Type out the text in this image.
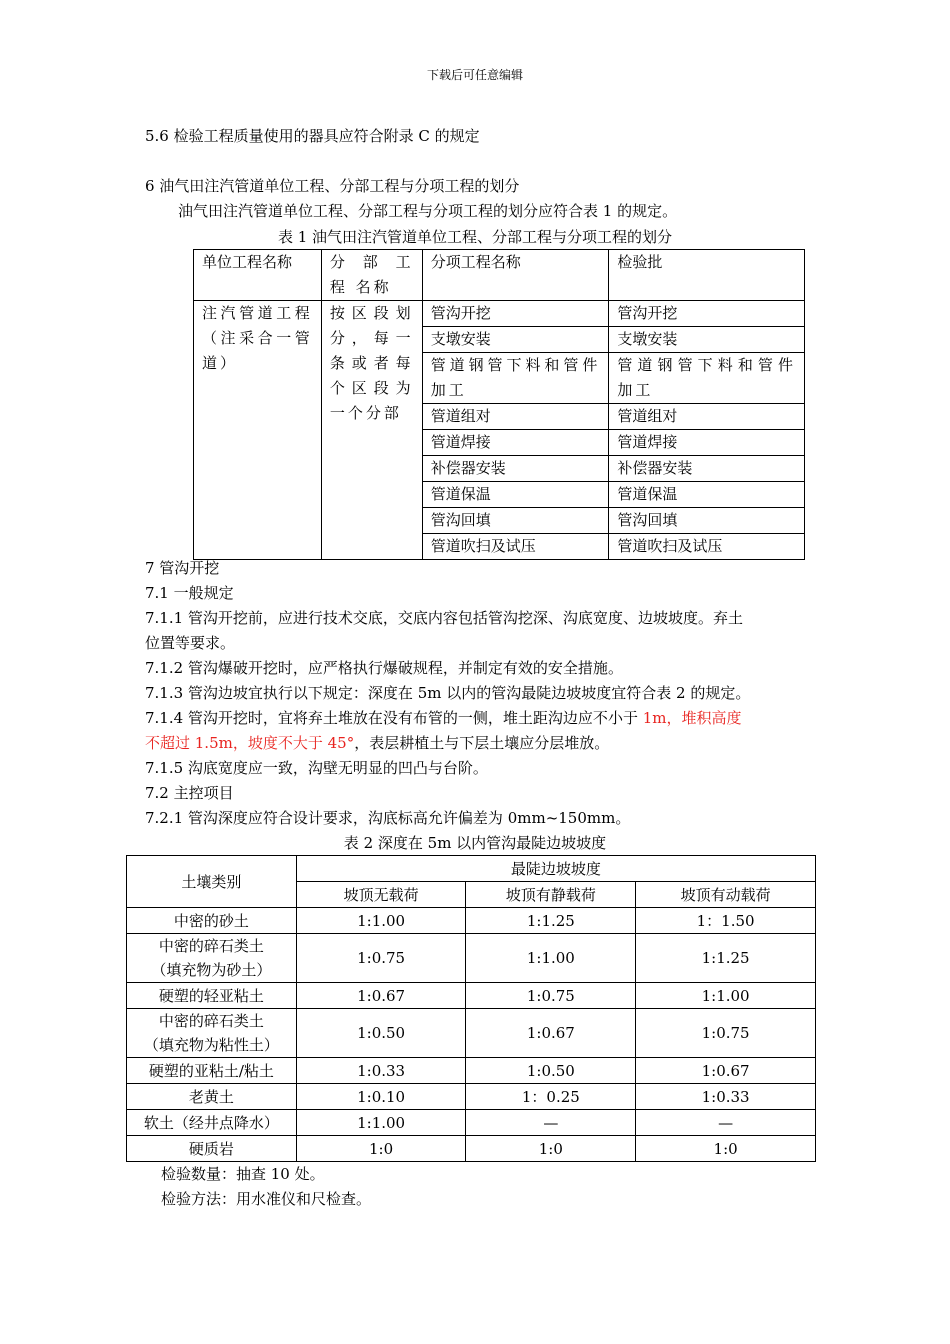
下载后可任意编辑
5.6 检验工程质量使用的器具应符合附录 C 的规定
6 油气田注汽管道单位工程、分部工程与分项工程的划分
油气田注汽管道单位工程、分部工程与分项工程的划分应符合表 1 的规定。
表 1 油气田注汽管道单位工程、分部工程与分项工程的划分
单位工程名称	分 部 工 程 名称	分项工程名称	检验批
注汽管道工程（注采合一管道）	按区段划分，每一条或者每个区段为一个分部	管沟开挖	管沟开挖
		支墩安装	支墩安装
		管道钢管下料和管件加工	管道钢管下料和管件加工
		管道组对	管道组对
		管道焊接	管道焊接
		补偿器安装	补偿器安装
		管道保温	管道保温
		管沟回填	管沟回填
		管道吹扫及试压	管道吹扫及试压
7 管沟开挖
7.1 一般规定
7.1.1 管沟开挖前，应进行技术交底，交底内容包括管沟挖深、沟底宽度、边坡坡度。弃土
位置等要求。
7.1.2 管沟爆破开挖时，应严格执行爆破规程，并制定有效的安全措施。
7.1.3 管沟边坡宜执行以下规定：深度在 5m 以内的管沟最陡边坡坡度宜符合表 2 的规定。
7.1.4 管沟开挖时，宜将弃土堆放在没有布管的一侧，堆土距沟边应不小于 1m，堆积高度
不超过 1.5m，坡度不大于 45°，表层耕植土与下层土壤应分层堆放。
7.1.5 沟底宽度应一致，沟壁无明显的凹凸与台阶。
7.2 主控项目
7.2.1 管沟深度应符合设计要求，沟底标高允许偏差为 0mm~150mm。
表 2 深度在 5m 以内管沟最陡边坡坡度
土壤类别	最陡边坡坡度		
	坡顶无载荷	坡顶有静载荷	坡顶有动载荷
中密的砂土	1:1.00	1:1.25	1：1.50
中密的碎石类土
（填充物为砂土）	1:0.75	1:1.00	1:1.25
硬塑的轻亚粘土	1:0.67	1:0.75	1:1.00
中密的碎石类土
（填充物为粘性土）	1:0.50	1:0.67	1:0.75
硬塑的亚粘土/粘土	1:0.33	1:0.50	1:0.67
老黄土	1:0.10	1：0.25	1:0.33
软土（经井点降水）	1:1.00	—	—
硬质岩	1:0	1:0	1:0
检验数量：抽查 10 处。
检验方法：用水准仪和尺检查。
